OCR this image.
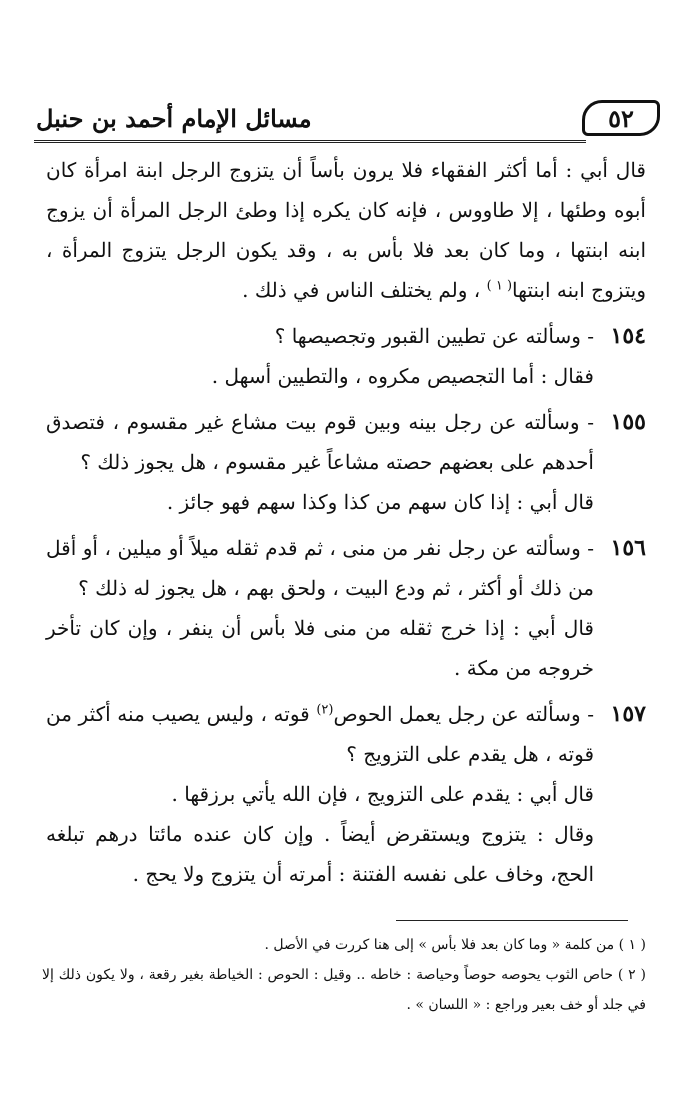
٥٢
مسائل الإمام أحمد بن حنبل

قال أبي : أما أكثر الفقهاء فلا يرون بأساً أن يتزوج الرجل ابنة امرأة كان أبوه وطئها ، إلا طاووس ، فإنه كان يكره إذا وطئ الرجل المرأة أن يزوج ابنه ابنتها ، وما كان بعد فلا بأس به ، وقد يكون الرجل يتزوج المرأة ، ويتزوج ابنه ابنتها$^{( ١ )}$ ، ولم يختلف الناس في ذلك .

١٥٤

- وسألته عن تطيين القبور وتجصيصها ؟

فقال : أما التجصيص مكروه ، والتطيين أسهل .

١٥٥

- وسألته عن رجل بينه وبين قوم بيت مشاع غير مقسوم ، فتصدق أحدهم على بعضهم حصته مشاعاً غير مقسوم ، هل يجوز ذلك ؟

قال أبي : إذا كان سهم من كذا وكذا سهم فهو جائز .

١٥٦

- وسألته عن رجل نفر من منى ، ثم قدم ثقله ميلاً أو ميلين ، أو أقل من ذلك أو أكثر ، ثم ودع البيت ، ولحق بهم ، هل يجوز له ذلك ؟

قال أبي : إذا خرج ثقله من منى فلا بأس أن ينفر ، وإن كان تأخر خروجه من مكة .

١٥٧

- وسألته عن رجل يعمل الحوص$^{(٢)}$ قوته ، وليس يصيب منه أكثر من قوته ، هل يقدم على التزويج ؟

قال أبي : يقدم على التزويج ، فإن الله يأتي برزقها .

وقال : يتزوج ويستقرض أيضاً . وإن كان عنده مائتا درهم تبلغه الحج، وخاف على نفسه الفتنة : أمرته أن يتزوج ولا يحج .

( ١ ) من كلمة « وما كان بعد فلا بأس » إلى هنا كررت في الأصل .

( ٢ ) حاص الثوب يحوصه حوصاً وحياصة : خاطه .. وقيل : الحوص : الخياطة بغير رقعة ، ولا يكون ذلك إلا في جلد أو خف بعير وراجع : « اللسان » .
